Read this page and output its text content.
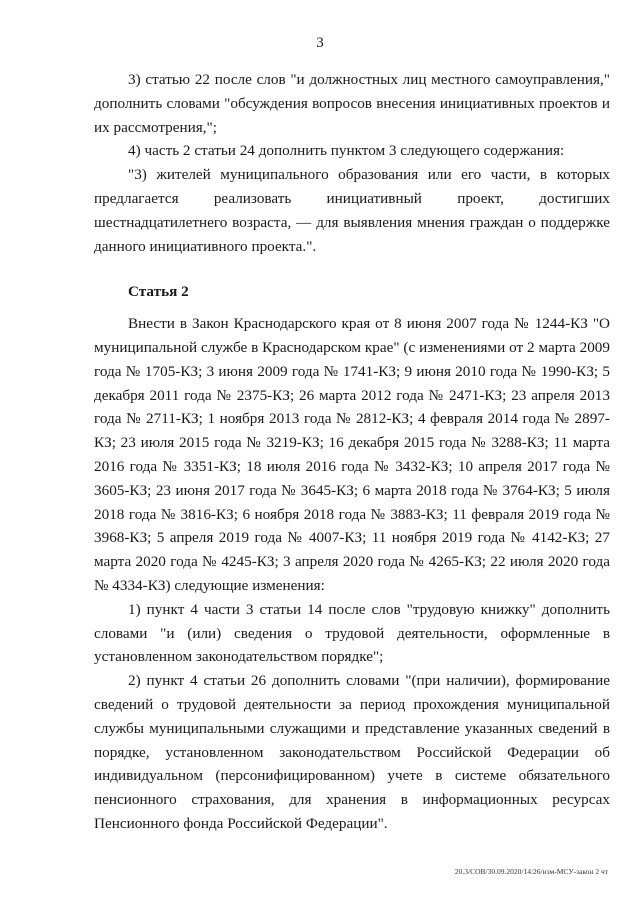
3

3) статью 22 после слов "и должностных лиц местного самоуправления," дополнить словами "обсуждения вопросов внесения инициативных проектов и их рассмотрения,";

4) часть 2 статьи 24 дополнить пунктом 3 следующего содержания:

"3) жителей муниципального образования или его части, в которых предлагается реализовать инициативный проект, достигших шестнадцатилетнего возраста, — для выявления мнения граждан о поддержке данного инициативного проекта.".

Статья 2

Внести в Закон Краснодарского края от 8 июня 2007 года № 1244-КЗ "О муниципальной службе в Краснодарском крае" (с изменениями от 2 марта 2009 года № 1705-КЗ; 3 июня 2009 года № 1741-КЗ; 9 июня 2010 года № 1990-КЗ; 5 декабря 2011 года № 2375-КЗ; 26 марта 2012 года № 2471-КЗ; 23 апреля 2013 года № 2711-КЗ; 1 ноября 2013 года № 2812-КЗ; 4 февраля 2014 года № 2897-КЗ; 23 июля 2015 года № 3219-КЗ; 16 декабря 2015 года № 3288-КЗ; 11 марта 2016 года № 3351-КЗ; 18 июля 2016 года № 3432-КЗ; 10 апреля 2017 года № 3605-КЗ; 23 июня 2017 года № 3645-КЗ; 6 марта 2018 года № 3764-КЗ; 5 июля 2018 года № 3816-КЗ; 6 ноября 2018 года № 3883-КЗ; 11 февраля 2019 года № 3968-КЗ; 5 апреля 2019 года № 4007-КЗ; 11 ноября 2019 года № 4142-КЗ; 27 марта 2020 года № 4245-КЗ; 3 апреля 2020 года № 4265-КЗ; 22 июля 2020 года № 4334-КЗ) следующие изменения:

1) пункт 4 части 3 статьи 14 после слов "трудовую книжку" дополнить словами "и (или) сведения о трудовой деятельности, оформленные в установленном законодательством порядке";

2) пункт 4 статьи 26 дополнить словами "(при наличии), формирование сведений о трудовой деятельности за период прохождения муниципальной службы муниципальными служащими и представление указанных сведений в порядке, установленном законодательством Российской Федерации об индивидуальном (персонифицированном) учете в системе обязательного пенсионного страхования, для хранения в информационных ресурсах Пенсионного фонда Российской Федерации".

20.3/СОВ/30.09.2020/14:26/изм-МСУ-закон 2 чт
